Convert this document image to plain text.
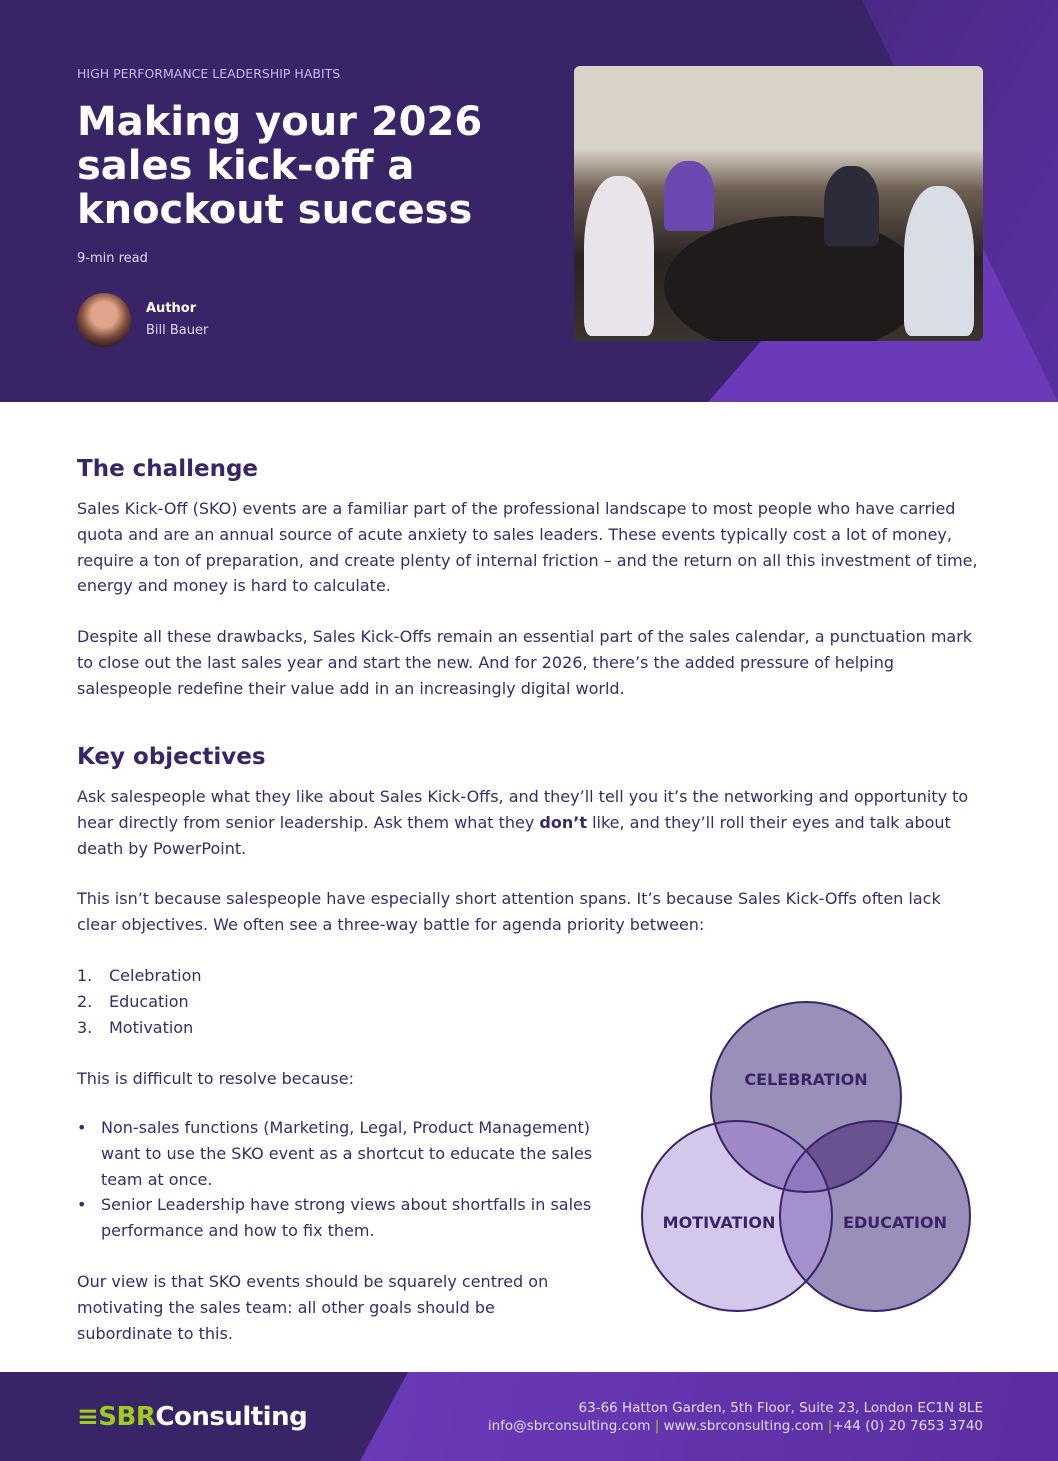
HIGH PERFORMANCE LEADERSHIP HABITS
Making your 2026 sales kick-off a knockout success
9-min read
Author
Bill Bauer
The challenge

Sales Kick-Off (SKO) events are a familiar part of the professional landscape to most people who have carried quota and are an annual source of acute anxiety to sales leaders. These events typically cost a lot of money, require a ton of preparation, and create plenty of internal friction – and the return on all this investment of time, energy and money is hard to calculate.

Despite all these drawbacks, Sales Kick-Offs remain an essential part of the sales calendar, a punctuation mark to close out the last sales year and start the new. And for 2026, there’s the added pressure of helping salespeople redefine their value add in an increasingly digital world.

Key objectives

Ask salespeople what they like about Sales Kick-Offs, and they’ll tell you it’s the networking and opportunity to hear directly from senior leadership. Ask them what they don’t like, and they’ll roll their eyes and talk about death by PowerPoint.

This isn’t because salespeople have especially short attention spans. It’s because Sales Kick-Offs often lack clear objectives. We often see a three-way battle for agenda priority between:

1. Celebration
2. Education
3. Motivation

This is difficult to resolve because:

• Non-sales functions (Marketing, Legal, Product Management) want to use the SKO event as a shortcut to educate the sales team at once.
• Senior Leadership have strong views about shortfalls in sales performance and how to fix them.

Our view is that SKO events should be squarely centred on motivating the sales team: all other goals should be subordinate to this.

CELEBRATION
MOTIVATION	EDUCATION
≡SBRConsulting	63-66 Hatton Garden, 5th Floor, Suite 23, London EC1N 8LE
info@sbrconsulting.com | www.sbrconsulting.com |+44 (0) 20 7653 3740
